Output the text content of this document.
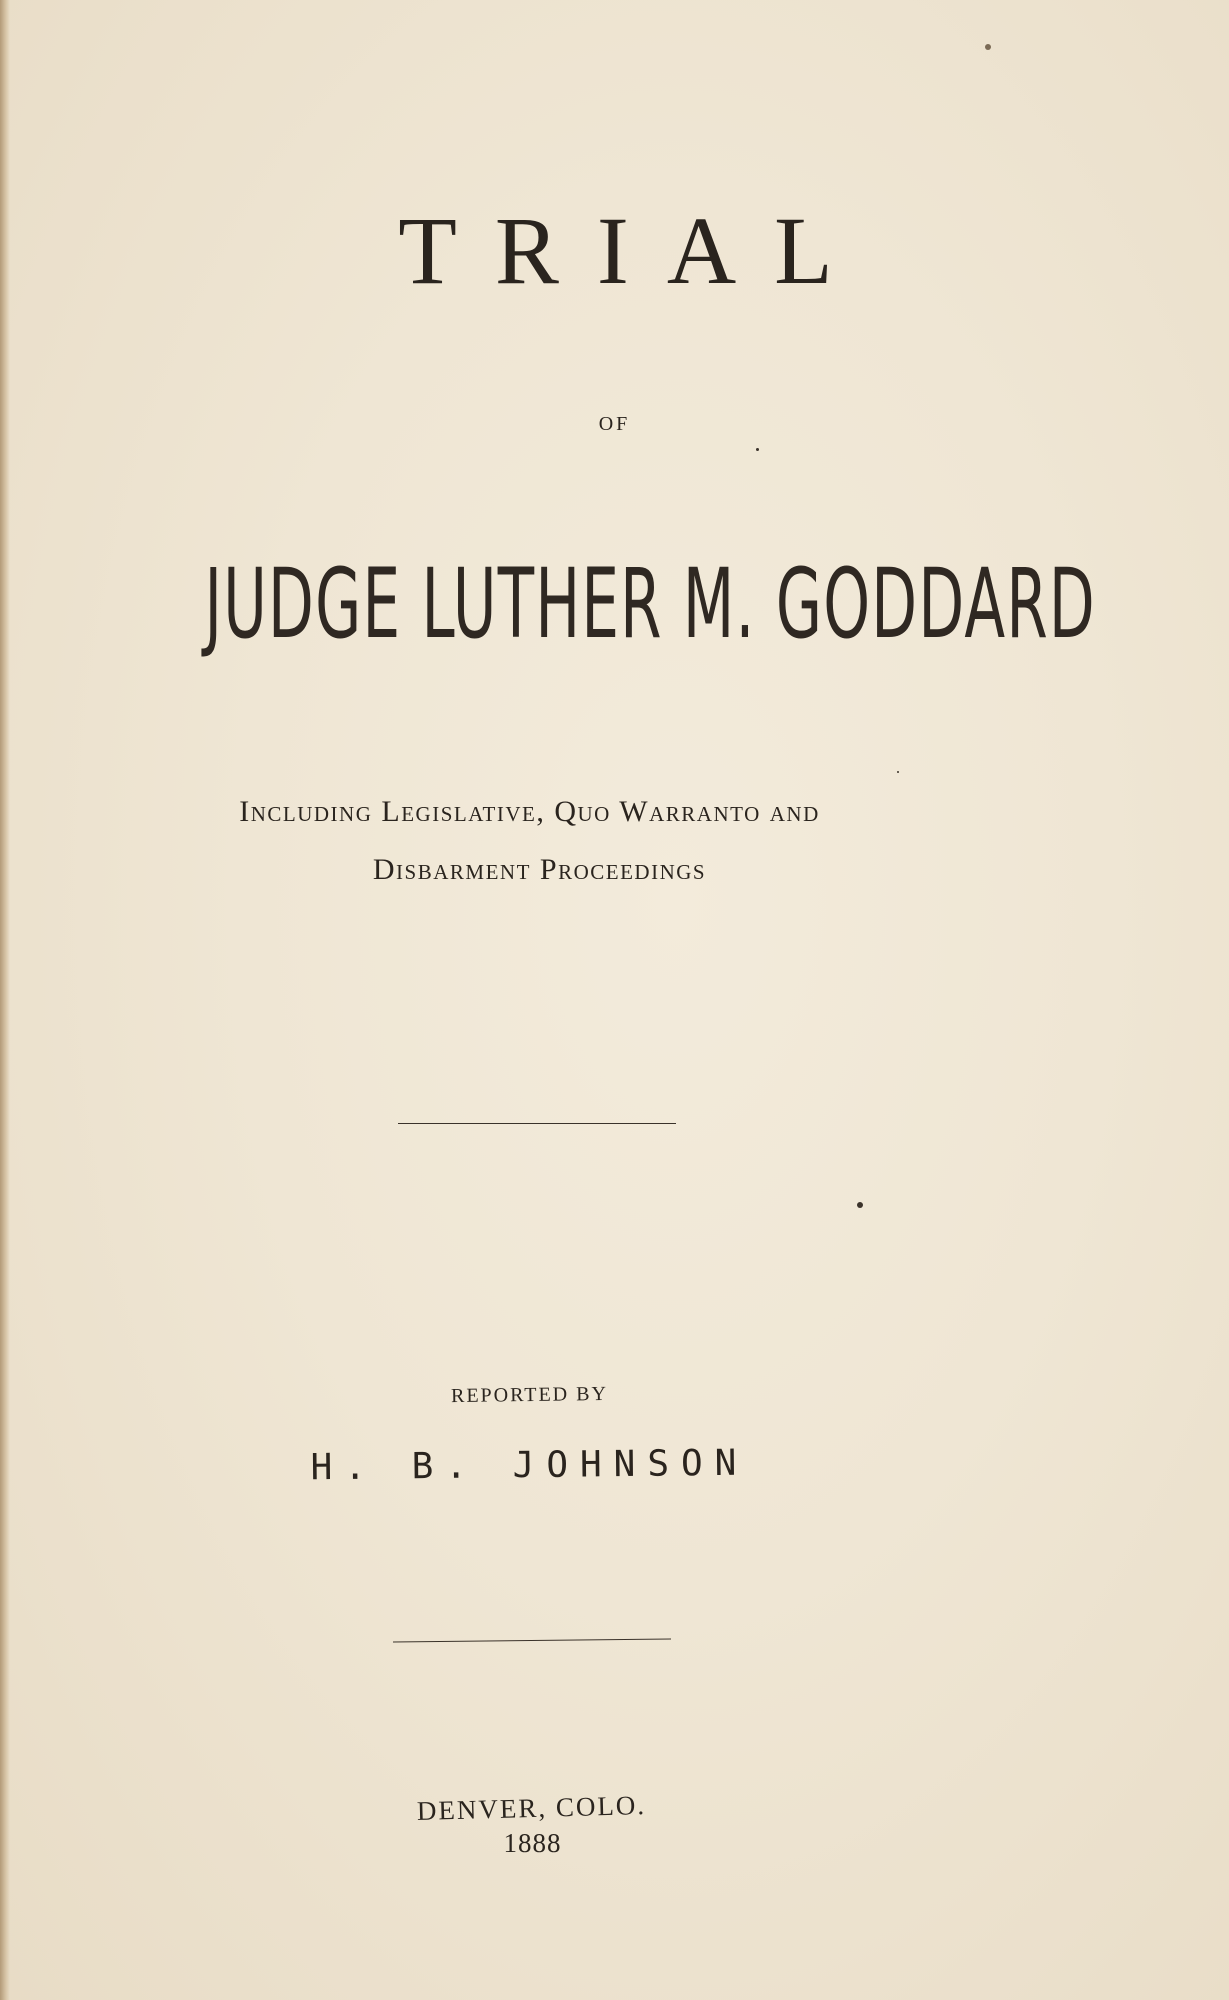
TRIAL
OF
JUDGE LUTHER M. GODDARD
Including Legislative, Quo Warranto and
Disbarment Proceedings
REPORTED BY
H. B. JOHNSON
DENVER, COLO.
1888
